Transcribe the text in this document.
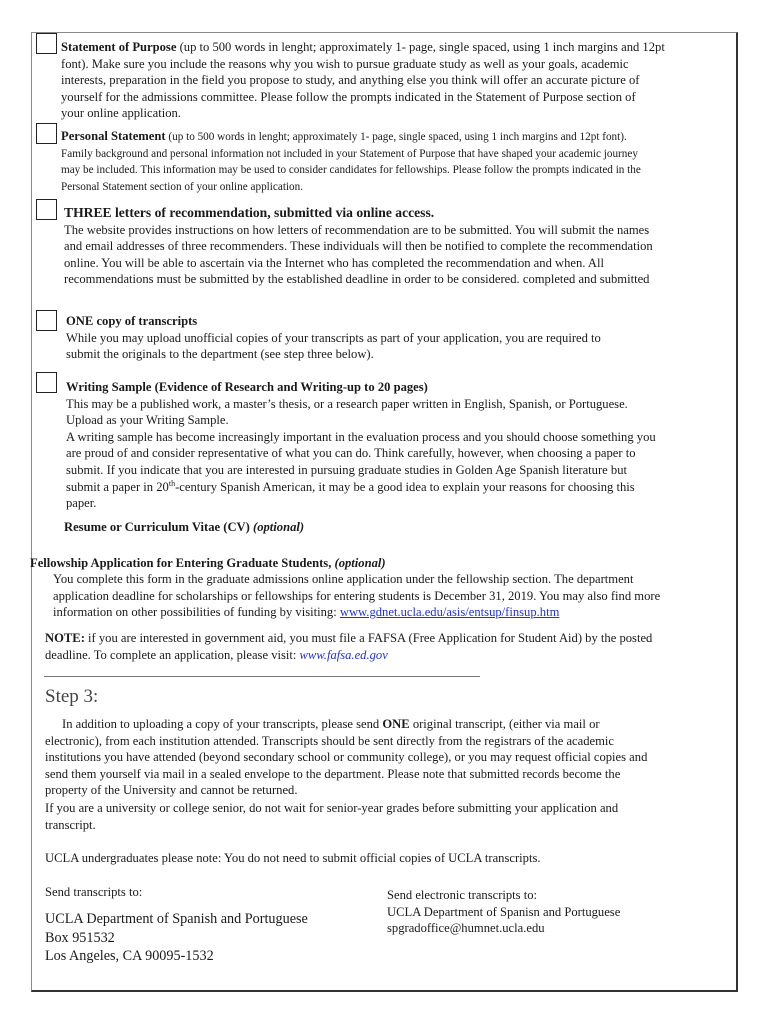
Statement of Purpose (up to 500 words in lenght; approximately 1- page, single spaced, using 1 inch margins and 12pt
font). Make sure you include the reasons why you wish to pursue graduate study as well as your goals, academic
interests, preparation in the field you propose to study, and anything else you think will offer an accurate picture of
yourself for the admissions committee. Please follow the prompts indicated in the Statement of Purpose section of
your online application.
Personal Statement (up to 500 words in lenght; approximately 1- page, single spaced, using 1 inch margins and 12pt font).
Family background and personal information not included in your Statement of Purpose that have shaped your academic journey
may be included. This information may be used to consider candidates for fellowships. Please follow the prompts indicated in the
Personal Statement section of your online application.
THREE letters of recommendation, submitted via online access.
The website provides instructions on how letters of recommendation are to be submitted. You will submit the names
and email addresses of three recommenders. These individuals will then be notified to complete the recommendation
online. You will be able to ascertain via the Internet who has completed the recommendation and when. All
recommendations must be submitted by the established deadline in order to be considered. completed and submitted
ONE copy of transcripts
While you may upload unofficial copies of your transcripts as part of your application, you are required to
submit the originals to the department (see step three below).
Writing Sample (Evidence of Research and Writing-up to 20 pages)
This may be a published work, a master’s thesis, or a research paper written in English, Spanish, or Portuguese.
Upload as your Writing Sample.
A writing sample has become increasingly important in the evaluation process and you should choose something you
are proud of and consider representative of what you can do. Think carefully, however, when choosing a paper to
submit. If you indicate that you are interested in pursuing graduate studies in Golden Age Spanish literature but
submit a paper in 20th-century Spanish American, it may be a good idea to explain your reasons for choosing this
paper.
Resume or Curriculum Vitae (CV) (optional)
Fellowship Application for Entering Graduate Students, (optional)
You complete this form in the graduate admissions online application under the fellowship section. The department
application deadline for scholarships or fellowships for entering students is December 31, 2019. You may also find more
information on other possibilities of funding by visiting: www.gdnet.ucla.edu/asis/entsup/finsup.htm
NOTE: if you are interested in government aid, you must file a FAFSA (Free Application for Student Aid) by the posted
deadline. To complete an application, please visit: www.fafsa.ed.gov
Step 3:
In addition to uploading a copy of your transcripts, please send ONE original transcript, (either via mail or
electronic), from each institution attended. Transcripts should be sent directly from the registrars of the academic
institutions you have attended (beyond secondary school or community college), or you may request official copies and
send them yourself via mail in a sealed envelope to the department. Please note that submitted records become the
property of the University and cannot be returned.
If you are a university or college senior, do not wait for senior-year grades before submitting your application and
transcript.
UCLA undergraduates please note: You do not need to submit official copies of UCLA transcripts.
Send transcripts to:
UCLA Department of Spanish and Portuguese
Box 951532
Los Angeles, CA 90095-1532
Send electronic transcripts to:
UCLA Department of Spanisn and Portuguese
spgradoffice@humnet.ucla.edu
